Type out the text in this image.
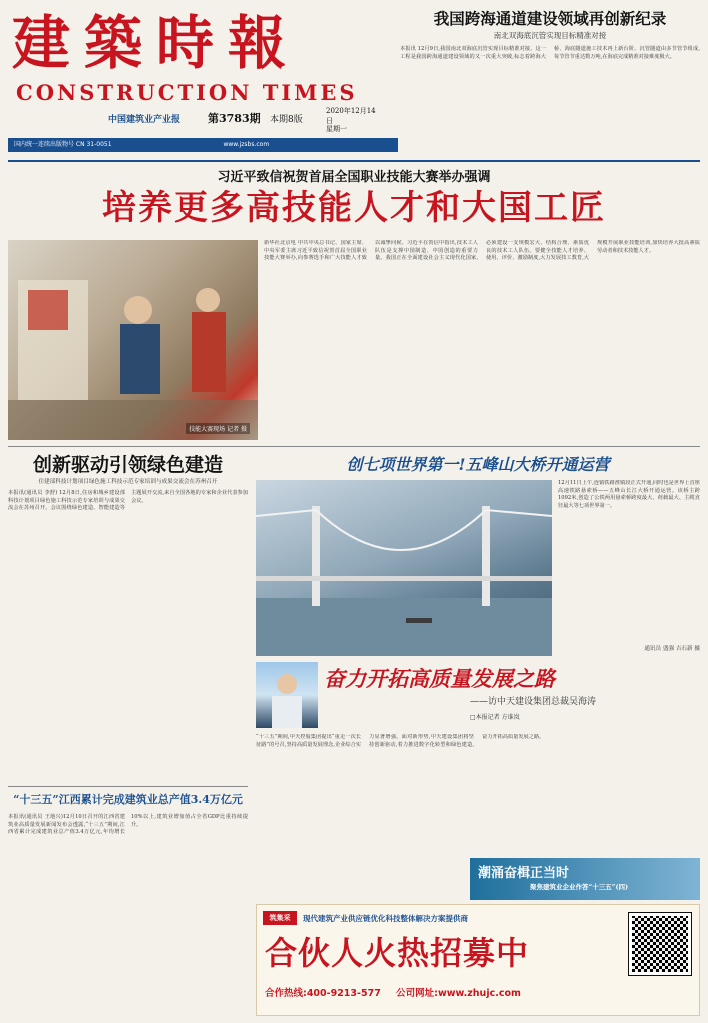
建築時報
CONSTRUCTION TIMES
中国建筑业产业报	第3783期 本期8版
2020年12月14日
星期一
国内统一连续出版物号 CN 31-0051	www.jzsbs.com
我国跨海通道建设领域再创新纪录
南北双海底沉管实现目标精准对接
本报讯 12月9日,我国南北双海底沉管实现目标精准对接。这一工程是我国跨海通道建设领域的又一次重大突破,标志着跨海大桥、海底隧道施工技术再上新台阶。沉管隧道由多节管节组成,每节管节重达数万吨,在海底完成精准对接难度极大。
习近平致信祝贺首届全国职业技能大赛举办强调
培养更多高技能人才和大国工匠
技能大赛现场 记者 摄
新华社北京电 中共中央总书记、国家主席、中央军委主席习近平致信祝贺首届全国职业技能大赛举办,向参赛选手和广大技能人才致以诚挚问候。习近平在贺信中指出,技术工人队伍是支撑中国制造、中国创造的重要力量。我国正在全面建设社会主义现代化国家,必须建设一支规模宏大、结构合理、素质优良的技术工人队伍。要健全技能人才培养、使用、评价、激励制度,大力发展技工教育,大规模开展职业技能培训,加快培养大批高素质劳动者和技术技能人才。
创新驱动引领绿色建造
住建部科技计划项目绿色施工科技示范专家培训与成果交流会在苏州召开
本报讯(通讯员 李舒) 12月8日,住房和城乡建设部科技计划项目绿色施工科技示范专家培训与成果交流会在苏州召开。会议围绕绿色建造、智能建造等主题展开交流,来自全国各地的专家和企业代表参加会议。
创七项世界第一!五峰山大桥开通运营
12月11日上午,连镇铁路淮镇段正式开通,同时也是世界上首座高速铁路悬索桥——五峰山长江大桥开通运营。该桥主跨1092米,创造了公铁两用悬索桥跨度最大、荷载最大、主缆直径最大等七项世界第一。
通讯员 盛强 吉石新 摄
奋力开拓高质量发展之路
——访中天建设集团总裁吴海涛
□本报记者 方谁岚
“十三五”期间,中天控股集团提出“重走一次长征路”的号召,坚持高质量发展理念,企业综合实力显著增强。面对新形势,中天建设集团将坚持创新驱动,着力推进数字化转型和绿色建造,奋力开拓高质量发展之路。
“十三五”江西累计完成建筑业总产值3.4万亿元
本报讯(通讯员 王地兴)12月10日召开的江西省建筑业高质量发展新闻发布会透露,“十三五”期间,江西省累计完成建筑业总产值3.4万亿元,年均增长10%以上,建筑业增加值占全省GDP比重持续提升。
潮涌奋楫正当时
聚焦建筑业企业作答“十三五”(四)
筑集采	现代建筑产业供应链优化科技整体解决方案提供商
合伙人火热招募中
合作热线:400-9213-577 公司网址:www.zhujc.com
